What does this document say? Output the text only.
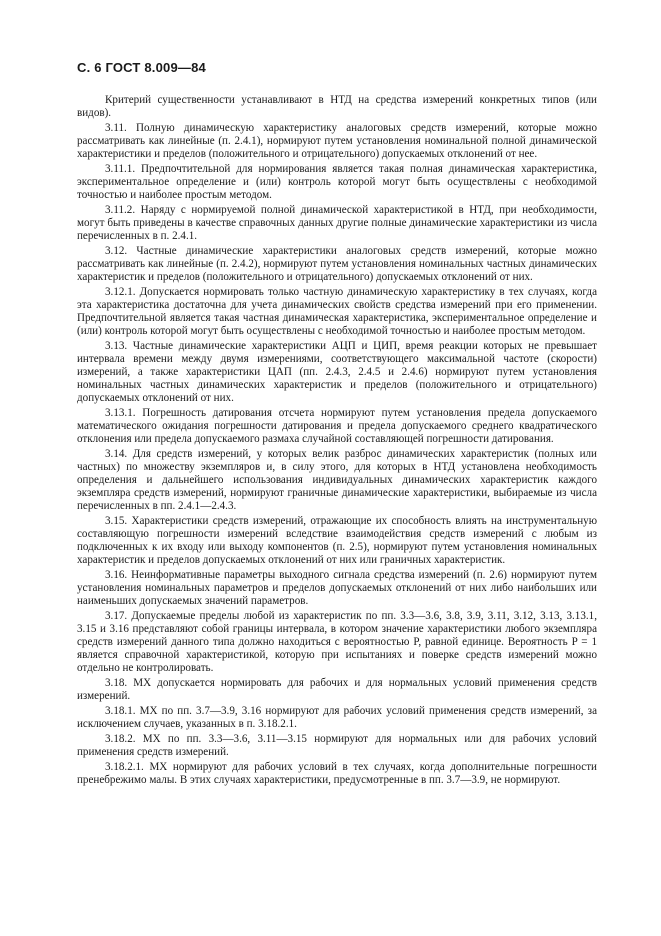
С. 6 ГОСТ 8.009—84

Критерий существенности устанавливают в НТД на средства измерений конкретных типов (или видов).

3.11. Полную динамическую характеристику аналоговых средств измерений, которые можно рассматривать как линейные (п. 2.4.1), нормируют путем установления номинальной полной динамической характеристики и пределов (положительного и отрицательного) допускаемых отклонений от нее.

3.11.1. Предпочтительной для нормирования является такая полная динамическая характеристика, экспериментальное определение и (или) контроль которой могут быть осуществлены с необходимой точностью и наиболее простым методом.

3.11.2. Наряду с нормируемой полной динамической характеристикой в НТД, при необходимости, могут быть приведены в качестве справочных данных другие полные динамические характеристики из числа перечисленных в п. 2.4.1.

3.12. Частные динамические характеристики аналоговых средств измерений, которые можно рассматривать как линейные (п. 2.4.2), нормируют путем установления номинальных частных динамических характеристик и пределов (положительного и отрицательного) допускаемых отклонений от них.

3.12.1. Допускается нормировать только частную динамическую характеристику в тех случаях, когда эта характеристика достаточна для учета динамических свойств средства измерений при его применении. Предпочтительной является такая частная динамическая характеристика, экспериментальное определение и (или) контроль которой могут быть осуществлены с необходимой точностью и наиболее простым методом.

3.13. Частные динамические характеристики АЦП и ЦИП, время реакции которых не превышает интервала времени между двумя измерениями, соответствующего максимальной частоте (скорости) измерений, а также характеристики ЦАП (пп. 2.4.3, 2.4.5 и 2.4.6) нормируют путем установления номинальных частных динамических характеристик и пределов (положительного и отрицательного) допускаемых отклонений от них.

3.13.1. Погрешность датирования отсчета нормируют путем установления предела допускаемого математического ожидания погрешности датирования и предела допускаемого среднего квадратического отклонения или предела допускаемого размаха случайной составляющей погрешности датирования.

3.14. Для средств измерений, у которых велик разброс динамических характеристик (полных или частных) по множеству экземпляров и, в силу этого, для которых в НТД установлена необходимость определения и дальнейшего использования индивидуальных динамических характеристик каждого экземпляра средств измерений, нормируют граничные динамические характеристики, выбираемые из числа перечисленных в пп. 2.4.1—2.4.3.

3.15. Характеристики средств измерений, отражающие их способность влиять на инструментальную составляющую погрешности измерений вследствие взаимодействия средств измерений с любым из подключенных к их входу или выходу компонентов (п. 2.5), нормируют путем установления номинальных характеристик и пределов допускаемых отклонений от них или граничных характеристик.

3.16. Неинформативные параметры выходного сигнала средства измерений (п. 2.6) нормируют путем установления номинальных параметров и пределов допускаемых отклонений от них либо наибольших или наименьших допускаемых значений параметров.

3.17. Допускаемые пределы любой из характеристик по пп. 3.3—3.6, 3.8, 3.9, 3.11, 3.12, 3.13, 3.13.1, 3.15 и 3.16 представляют собой границы интервала, в котором значение характеристики любого экземпляра средств измерений данного типа должно находиться с вероятностью P, равной единице. Вероятность P = 1 является справочной характеристикой, которую при испытаниях и поверке средств измерений можно отдельно не контролировать.

3.18. МХ допускается нормировать для рабочих и для нормальных условий применения средств измерений.

3.18.1. МХ по пп. 3.7—3.9, 3.16 нормируют для рабочих условий применения средств измерений, за исключением случаев, указанных в п. 3.18.2.1.

3.18.2. МХ по пп. 3.3—3.6, 3.11—3.15 нормируют для нормальных или для рабочих условий применения средств измерений.

3.18.2.1. МХ нормируют для рабочих условий в тех случаях, когда дополнительные погрешности пренебрежимо малы. В этих случаях характеристики, предусмотренные в пп. 3.7—3.9, не нормируют.
